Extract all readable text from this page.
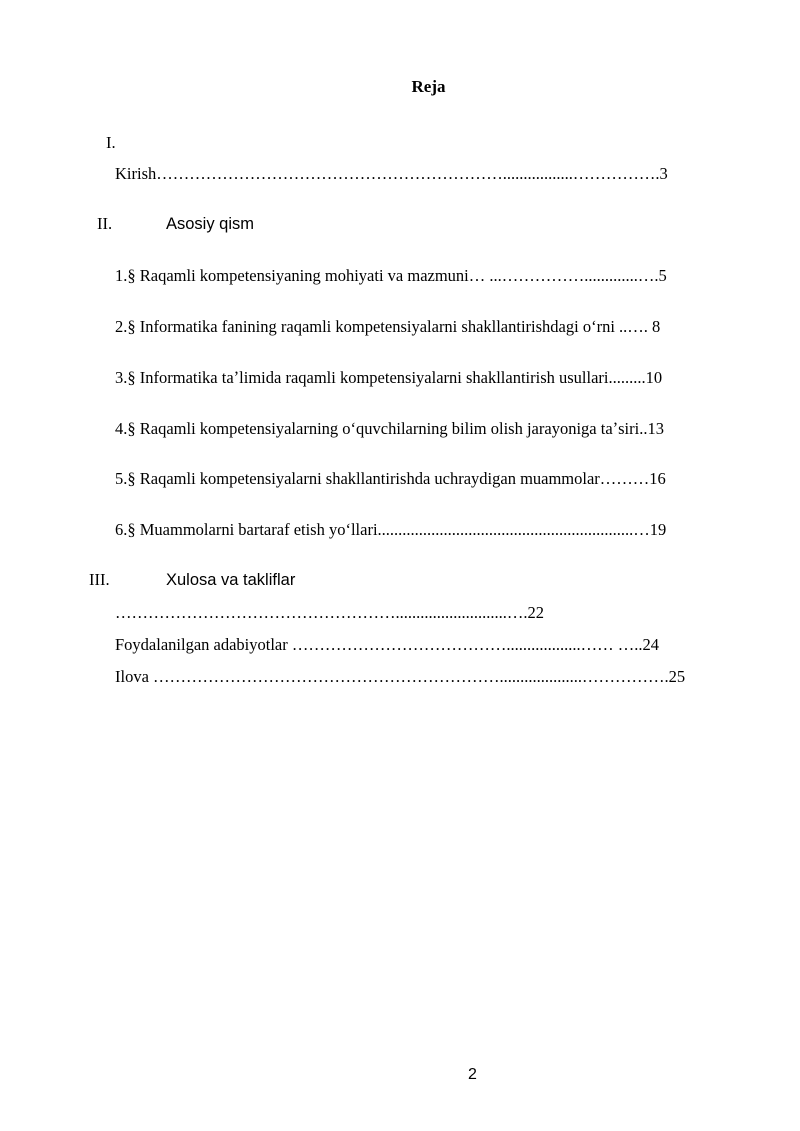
Reja
I.
Kirish……………………………………………………….................…………….3
II.	Asosiy qism
1.§ Raqamli kompetensiyaning mohiyati va mazmuni… ...…………….............….5
2.§ Informatika fanining raqamli kompetensiyalarni shakllantirishdagi oʻrni ..…. 8
3.§ Informatika taʼlimida raqamli kompetensiyalarni shakllantirish usullari.........10
4.§ Raqamli kompetensiyalarning oʻquvchilarning bilim olish jarayoniga taʼsiri..13
5.§ Raqamli kompetensiyalarni shakllantirishda uchraydigan muammolar………16
6.§ Muammolarni bartaraf etish yoʻllari..............................................................…19
III.	Xulosa va takliflar
……………………………………………...........................….22
Foydalanilgan adabiyotlar …………………………………..................…… …..24
Ilova ………………………………………………………....................…………….25
2
